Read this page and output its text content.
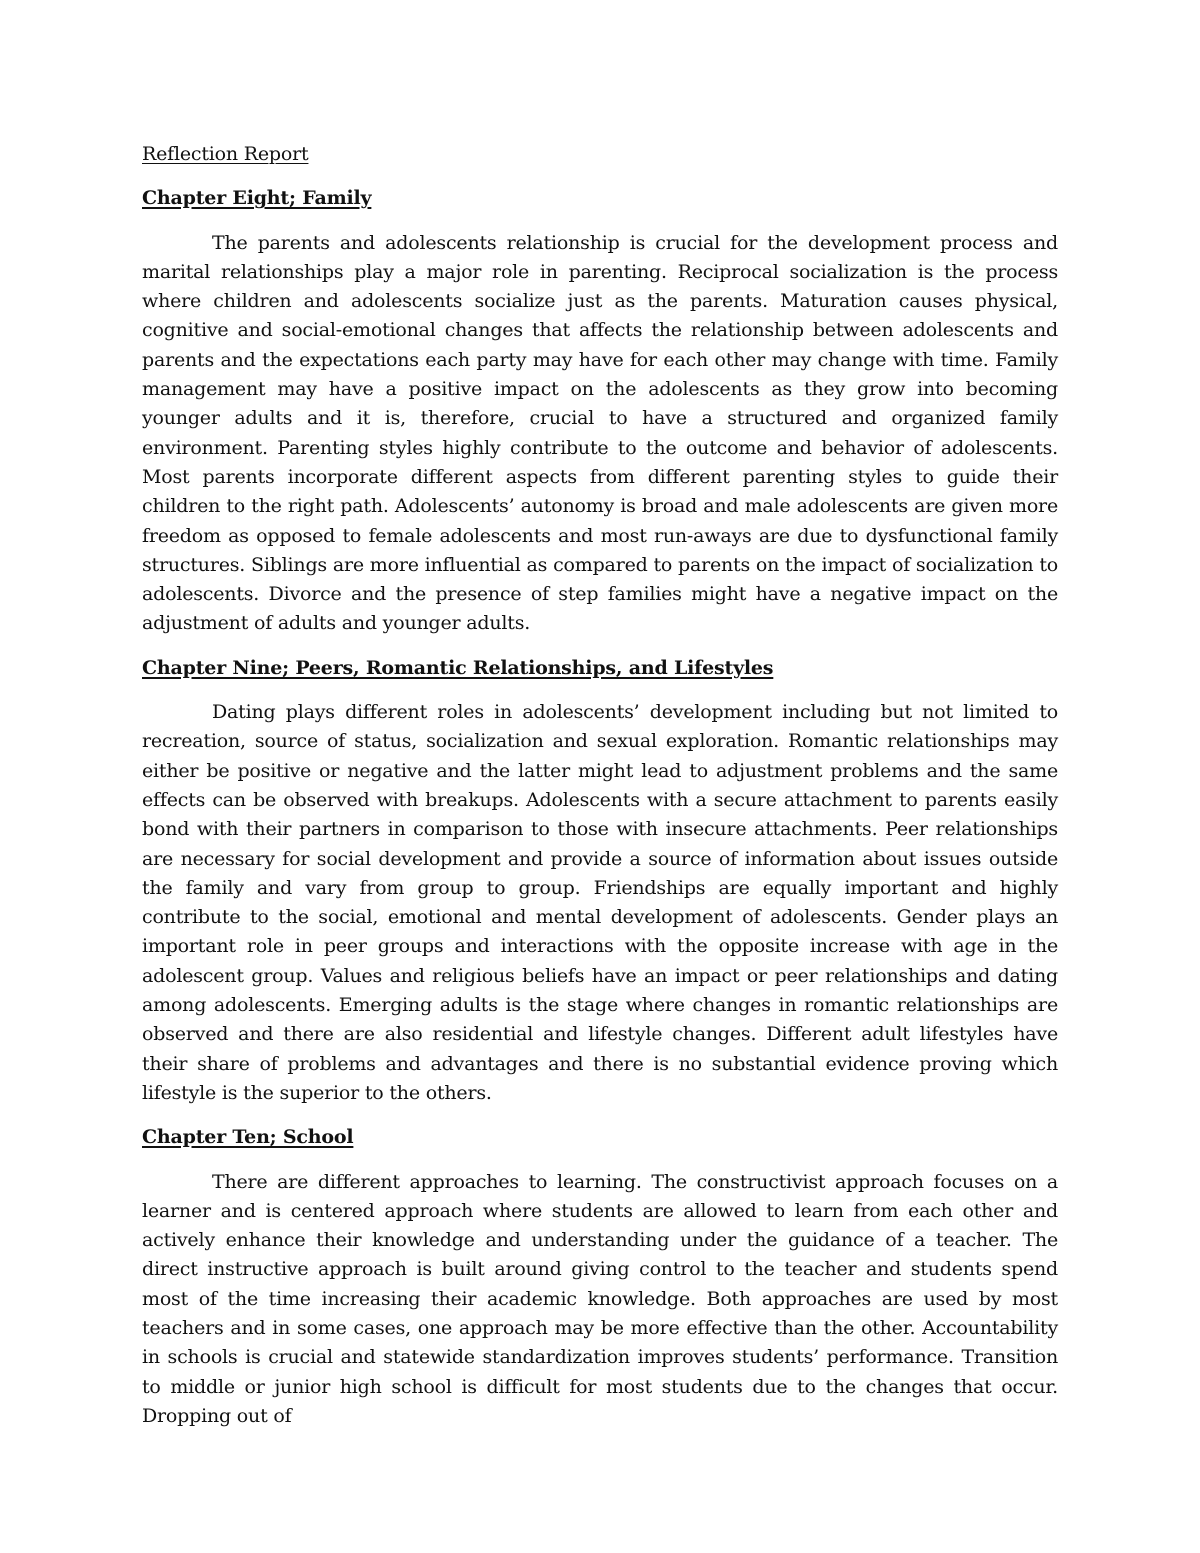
Reflection Report

Chapter Eight; Family

The parents and adolescents relationship is crucial for the development process and marital relationships play a major role in parenting. Reciprocal socialization is the process where children and adolescents socialize just as the parents. Maturation causes physical, cognitive and social-emotional changes that affects the relationship between adolescents and parents and the expectations each party may have for each other may change with time. Family management may have a positive impact on the adolescents as they grow into becoming younger adults and it is, therefore, crucial to have a structured and organized family environment. Parenting styles highly contribute to the outcome and behavior of adolescents. Most parents incorporate different aspects from different parenting styles to guide their children to the right path. Adolescents’ autonomy is broad and male adolescents are given more freedom as opposed to female adolescents and most run-aways are due to dysfunctional family structures. Siblings are more influential as compared to parents on the impact of socialization to adolescents. Divorce and the presence of step families might have a negative impact on the adjustment of adults and younger adults.

Chapter Nine; Peers, Romantic Relationships, and Lifestyles

Dating plays different roles in adolescents’ development including but not limited to recreation, source of status, socialization and sexual exploration. Romantic relationships may either be positive or negative and the latter might lead to adjustment problems and the same effects can be observed with breakups. Adolescents with a secure attachment to parents easily bond with their partners in comparison to those with insecure attachments. Peer relationships are necessary for social development and provide a source of information about issues outside the family and vary from group to group. Friendships are equally important and highly contribute to the social, emotional and mental development of adolescents. Gender plays an important role in peer groups and interactions with the opposite increase with age in the adolescent group. Values and religious beliefs have an impact or peer relationships and dating among adolescents. Emerging adults is the stage where changes in romantic relationships are observed and there are also residential and lifestyle changes. Different adult lifestyles have their share of problems and advantages and there is no substantial evidence proving which lifestyle is the superior to the others.

Chapter Ten; School

There are different approaches to learning. The constructivist approach focuses on a learner and is centered approach where students are allowed to learn from each other and actively enhance their knowledge and understanding under the guidance of a teacher. The direct instructive approach is built around giving control to the teacher and students spend most of the time increasing their academic knowledge. Both approaches are used by most teachers and in some cases, one approach may be more effective than the other. Accountability in schools is crucial and statewide standardization improves students’ performance. Transition to middle or junior high school is difficult for most students due to the changes that occur. Dropping out of
